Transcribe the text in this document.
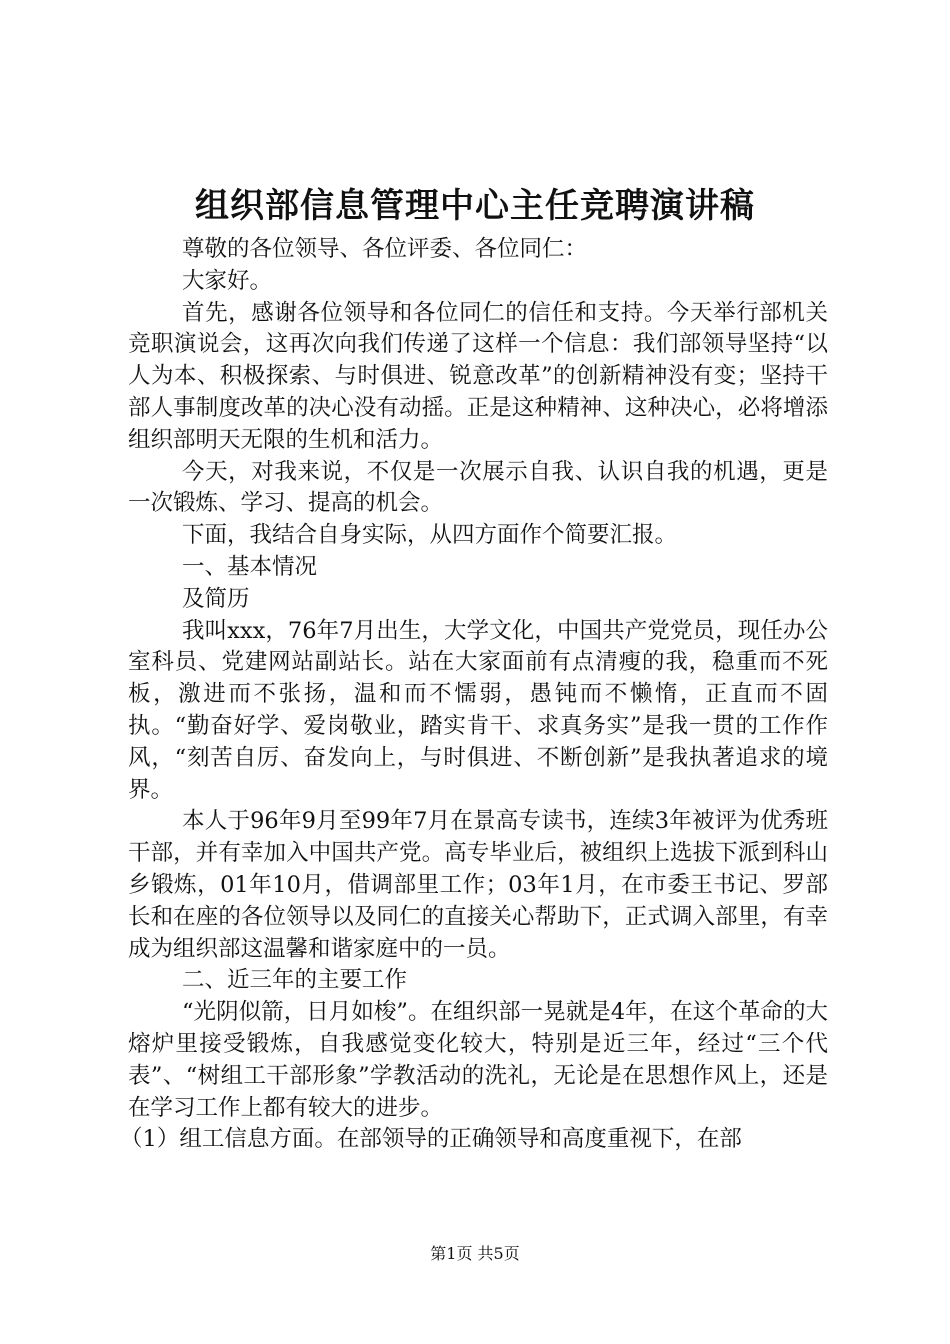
组织部信息管理中心主任竞聘演讲稿

尊敬的各位领导、各位评委、各位同仁：

大家好。

首先，感谢各位领导和各位同仁的信任和支持。今天举行部机关竞职演说会，这再次向我们传递了这样一个信息：我们部领导坚持“以人为本、积极探索、与时俱进、锐意改革”的创新精神没有变；坚持干部人事制度改革的决心没有动摇。正是这种精神、这种决心，必将增添组织部明天无限的生机和活力。

今天，对我来说，不仅是一次展示自我、认识自我的机遇，更是一次锻炼、学习、提高的机会。

下面，我结合自身实际，从四方面作个简要汇报。

一、基本情况

及简历

我叫xxx，76年7月出生，大学文化，中国共产党党员，现任办公室科员、党建网站副站长。站在大家面前有点清瘦的我，稳重而不死板，激进而不张扬，温和而不懦弱，愚钝而不懒惰，正直而不固执。“勤奋好学、爱岗敬业，踏实肯干、求真务实”是我一贯的工作作风，“刻苦自厉、奋发向上，与时俱进、不断创新”是我执著追求的境界。

本人于96年9月至99年7月在景高专读书，连续3年被评为优秀班干部，并有幸加入中国共产党。高专毕业后，被组织上选拔下派到科山乡锻炼，01年10月，借调部里工作；03年1月，在市委王书记、罗部长和在座的各位领导以及同仁的直接关心帮助下，正式调入部里，有幸成为组织部这温馨和谐家庭中的一员。

二、近三年的主要工作

“光阴似箭，日月如梭”。在组织部一晃就是4年，在这个革命的大熔炉里接受锻炼，自我感觉变化较大，特别是近三年，经过“三个代表”、“树组工干部形象”学教活动的洗礼，无论是在思想作风上，还是在学习工作上都有较大的进步。

（1）组工信息方面。在部领导的正确领导和高度重视下，在部

第1页 共5页
